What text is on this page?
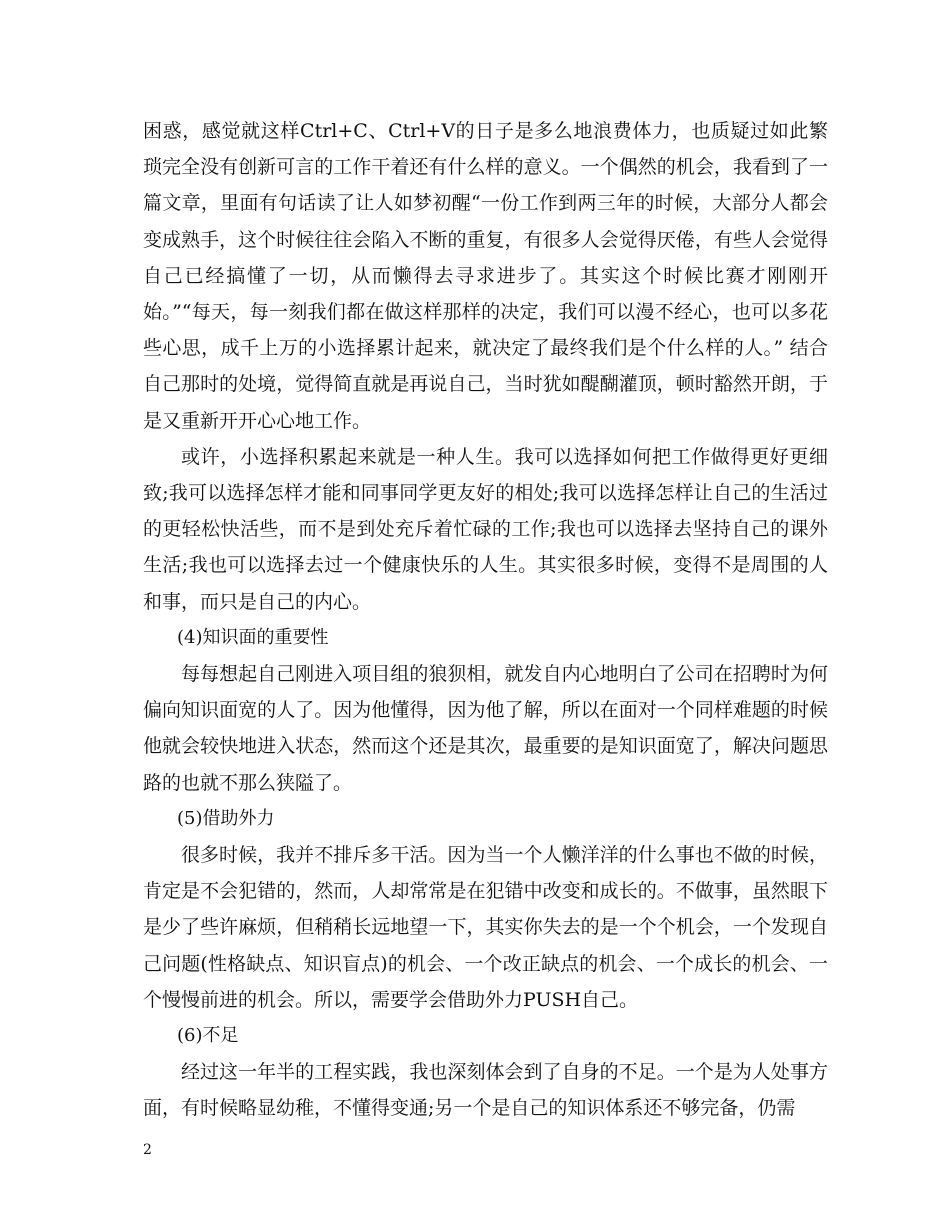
困惑，感觉就这样Ctrl+C、Ctrl+V的日子是多么地浪费体力，也质疑过如此繁琐完全没有创新可言的工作干着还有什么样的意义。一个偶然的机会，我看到了一篇文章，里面有句话读了让人如梦初醒“一份工作到两三年的时候，大部分人都会变成熟手，这个时候往往会陷入不断的重复，有很多人会觉得厌倦，有些人会觉得自己已经搞懂了一切，从而懒得去寻求进步了。其实这个时候比赛才刚刚开始。”“每天，每一刻我们都在做这样那样的决定，我们可以漫不经心，也可以多花些心思，成千上万的小选择累计起来，就决定了最终我们是个什么样的人。” 结合自己那时的处境，觉得简直就是再说自己，当时犹如醍醐灌顶，顿时豁然开朗，于是又重新开开心心地工作。

或许，小选择积累起来就是一种人生。我可以选择如何把工作做得更好更细致;我可以选择怎样才能和同事同学更友好的相处;我可以选择怎样让自己的生活过的更轻松快活些，而不是到处充斥着忙碌的工作;我也可以选择去坚持自己的课外生活;我也可以选择去过一个健康快乐的人生。其实很多时候，变得不是周围的人和事，而只是自己的内心。

(4)知识面的重要性

每每想起自己刚进入项目组的狼狈相，就发自内心地明白了公司在招聘时为何偏向知识面宽的人了。因为他懂得，因为他了解，所以在面对一个同样难题的时候他就会较快地进入状态，然而这个还是其次，最重要的是知识面宽了，解决问题思路的也就不那么狭隘了。

(5)借助外力

很多时候，我并不排斥多干活。因为当一个人懒洋洋的什么事也不做的时候，肯定是不会犯错的，然而，人却常常是在犯错中改变和成长的。不做事，虽然眼下是少了些许麻烦，但稍稍长远地望一下，其实你失去的是一个个机会，一个发现自己问题(性格缺点、知识盲点)的机会、一个改正缺点的机会、一个成长的机会、一个慢慢前进的机会。所以，需要学会借助外力PUSH自己。

(6)不足

经过这一年半的工程实践，我也深刻体会到了自身的不足。一个是为人处事方面，有时候略显幼稚，不懂得变通;另一个是自己的知识体系还不够完备，仍需

2
